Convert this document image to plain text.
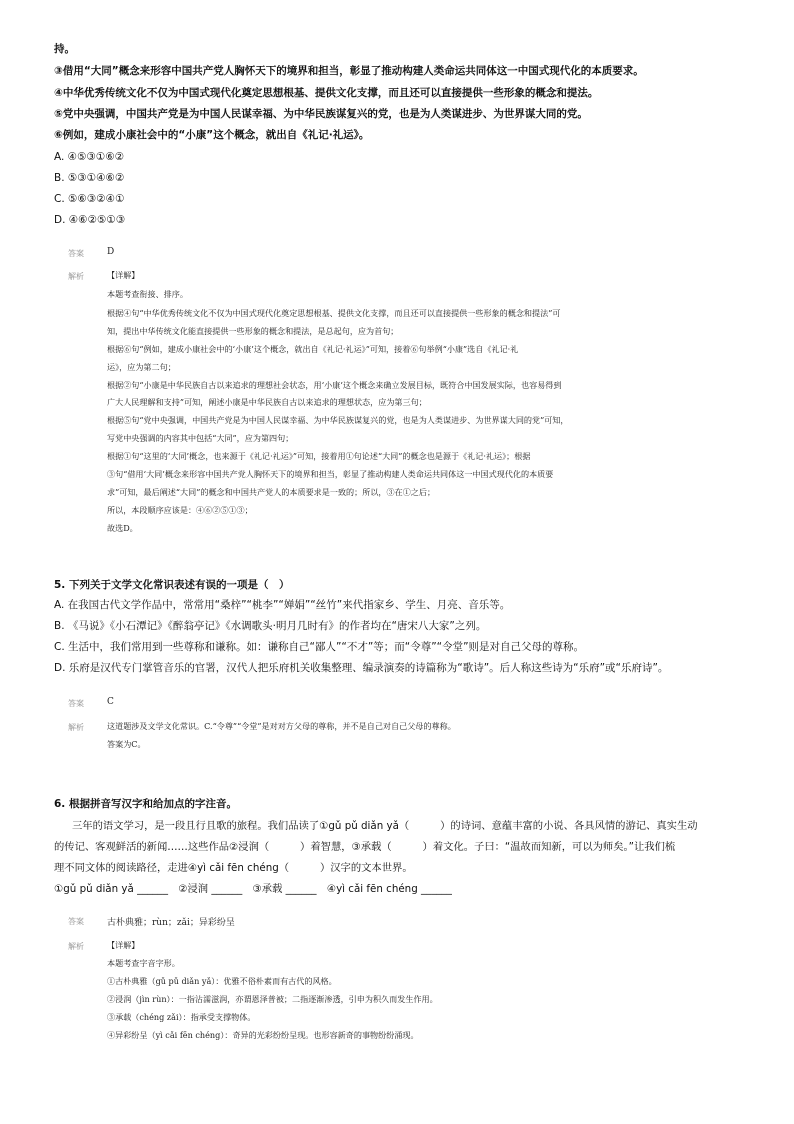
持。
③借用“大同”概念来形容中国共产党人胸怀天下的境界和担当，彰显了推动构建人类命运共同体这一中国式现代化的本质要求。
④中华优秀传统文化不仅为中国式现代化奠定思想根基、提供文化支撑，而且还可以直接提供一些形象的概念和提法。
⑤党中央强调，中国共产党是为中国人民谋幸福、为中华民族谋复兴的党，也是为人类谋进步、为世界谋大同的党。
⑥例如，建成小康社会中的“小康”这个概念，就出自《礼记·礼运》。
A. ④⑤③①⑥②
B. ⑤③①④⑥②
C. ⑤⑥③②④①
D. ④⑥②⑤①③
答案	D
解析	【详解】
本题考查衔接、排序。
根据④句“中华优秀传统文化不仅为中国式现代化奠定思想根基、提供文化支撑，而且还可以直接提供一些形象的概念和提法”可
知，提出中华传统文化能直接提供一些形象的概念和提法，是总起句，应为首句；
根据⑥句“例如，建成小康社会中的‘小康’这个概念，就出自《礼记·礼运》”可知，接着⑥句举例“小康”选自《礼记·礼
运》，应为第二句；
根据②句“小康是中华民族自古以来追求的理想社会状态，用‘小康’这个概念来确立发展目标，既符合中国发展实际，也容易得到
广大人民理解和支持”可知，阐述小康是中华民族自古以来追求的理想状态，应为第三句；
根据⑤句“党中央强调，中国共产党是为中国人民谋幸福、为中华民族谋复兴的党，也是为人类谋进步、为世界谋大同的党”可知，
写党中央强调的内容其中包括“大同”，应为第四句；
根据①句“这里的‘大同’概念，也来源于《礼记·礼运》”可知，接着用①句论述“大同”的概念也是源于《礼记·礼运》；根据
③句“借用‘大同’概念来形容中国共产党人胸怀天下的境界和担当，彰显了推动构建人类命运共同体这一中国式现代化的本质要
求”可知，最后阐述“大同”的概念和中国共产党人的本质要求是一致的；所以，③在①之后；
所以，本段顺序应该是：④⑥②⑤①③；
故选D。
5. 下列关于文学文化常识表述有误的一项是（　）
A. 在我国古代文学作品中，常常用“桑梓”“桃李”“婵娟”“丝竹”来代指家乡、学生、月亮、音乐等。
B. 《马说》《小石潭记》《醉翁亭记》《水调歌头·明月几时有》的作者均在“唐宋八大家”之列。
C. 生活中，我们常用到一些尊称和谦称。如：谦称自己“鄙人”“不才”等；而“令尊”“令堂”则是对自己父母的尊称。
D. 乐府是汉代专门掌管音乐的官署，汉代人把乐府机关收集整理、编录演奏的诗篇称为“歌诗”。后人称这些诗为“乐府”或“乐府诗”。
答案	C
解析	这道题涉及文学文化常识。C.“令尊”“令堂”是对对方父母的尊称，并不是自己对自己父母的尊称。
答案为C。
6. 根据拼音写汉字和给加点的字注音。
三年的语文学习，是一段且行且歌的旅程。我们品读了①gǔ pǔ diǎn yǎ（　　　）的诗词、意蕴丰富的小说、各具风情的游记、真实生动
的传记、客观鲜活的新闻……这些作品②浸润（　　　）着智慧，③承载（　　　）着文化。子曰：“温故而知新，可以为师矣。”让我们梳
理不同文体的阅读路径，走进④yì cǎi fēn chéng（　　　）汉字的文本世界。
①gǔ pǔ diǎn yǎ ______　②浸润 ______　③承载 ______　④yì cǎi fēn chéng ______
答案	古朴典雅；rùn；zǎi；异彩纷呈
解析	【详解】
本题考查字音字形。
①古朴典雅（gǔ pǔ diǎn yǎ）：优雅不俗朴素而有古代的风格。
②浸润（jìn rùn）：一指沾濡滋润，亦谓恩泽普被；二指逐渐渗透，引申为积久而发生作用。
③承载（chéng zǎi）：指承受支撑物体。
④异彩纷呈（yì cǎi fēn chéng）：奇异的光彩纷纷呈现。也形容新奇的事物纷纷涌现。
